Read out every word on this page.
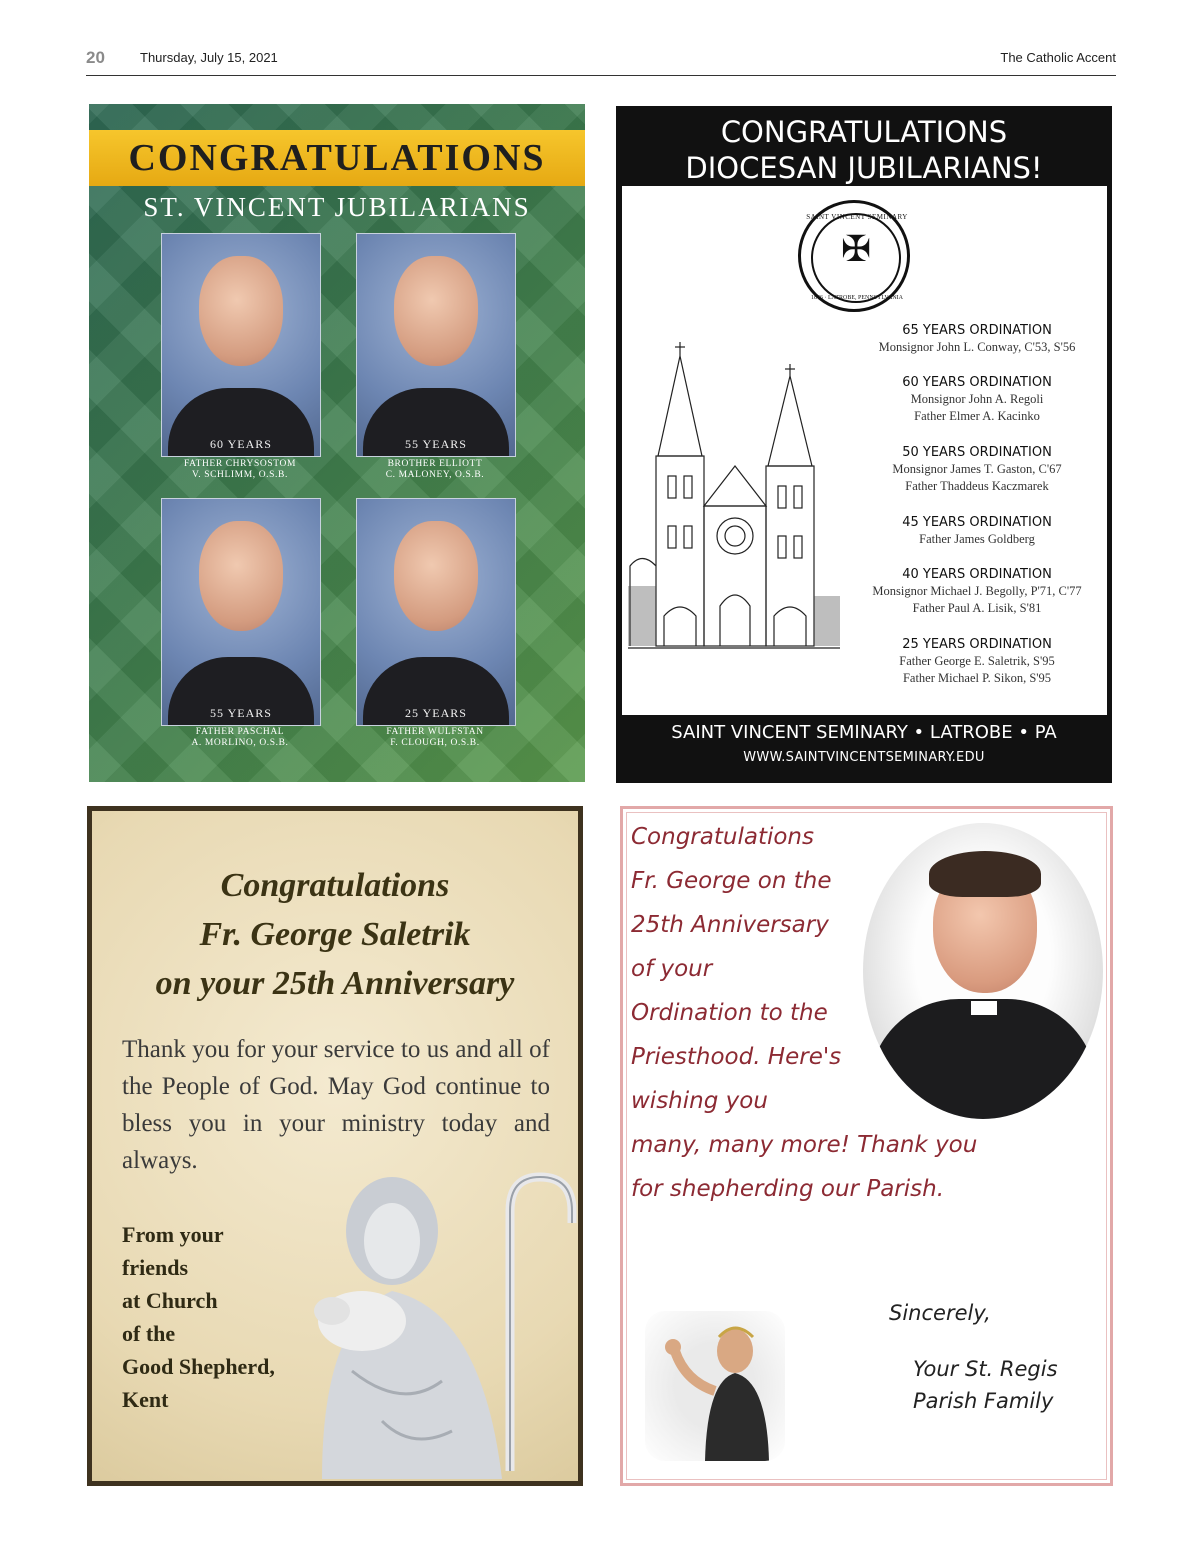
20	Thursday, July 15, 2021	The Catholic Accent
CONGRATULATIONS
ST. VINCENT JUBILARIANS
60 YEARS
FATHER CHRYSOSTOM
V. SCHLIMM, O.S.B.
55 YEARS
BROTHER ELLIOTT
C. MALONEY, O.S.B.
55 YEARS
FATHER PASCHAL
A. MORLINO, O.S.B.
25 YEARS
FATHER WULFSTAN
F. CLOUGH, O.S.B.
CONGRATULATIONS
DIOCESAN JUBILARIANS!
SAINT VINCENT SEMINARY
✠
1846 · LATROBE, PENNSYLVANIA
65 YEARS ORDINATION
Monsignor John L. Conway, C'53, S'56
60 YEARS ORDINATION
Monsignor John A. Regoli
Father Elmer A. Kacinko
50 YEARS ORDINATION
Monsignor James T. Gaston, C'67
Father Thaddeus Kaczmarek
45 YEARS ORDINATION
Father James Goldberg
40 YEARS ORDINATION
Monsignor Michael J. Begolly, P'71, C'77
Father Paul A. Lisik, S'81
25 YEARS ORDINATION
Father George E. Saletrik, S'95
Father Michael P. Sikon, S'95
SAINT VINCENT SEMINARY • LATROBE • PA
WWW.SAINTVINCENTSEMINARY.EDU
Congratulations
Fr. George Saletrik
on your 25th Anniversary
Thank you for your service to us and all of the People of God. May God continue to bless you in your ministry today and always.
From your
friends
at Church
of the
Good Shepherd,
Kent
Congratulations
Fr. George on the
25th Anniversary
of your
Ordination to the
Priesthood. Here's
wishing you
many, many more! Thank you
for shepherding our Parish.
Sincerely,
Your St. Regis
Parish Family
